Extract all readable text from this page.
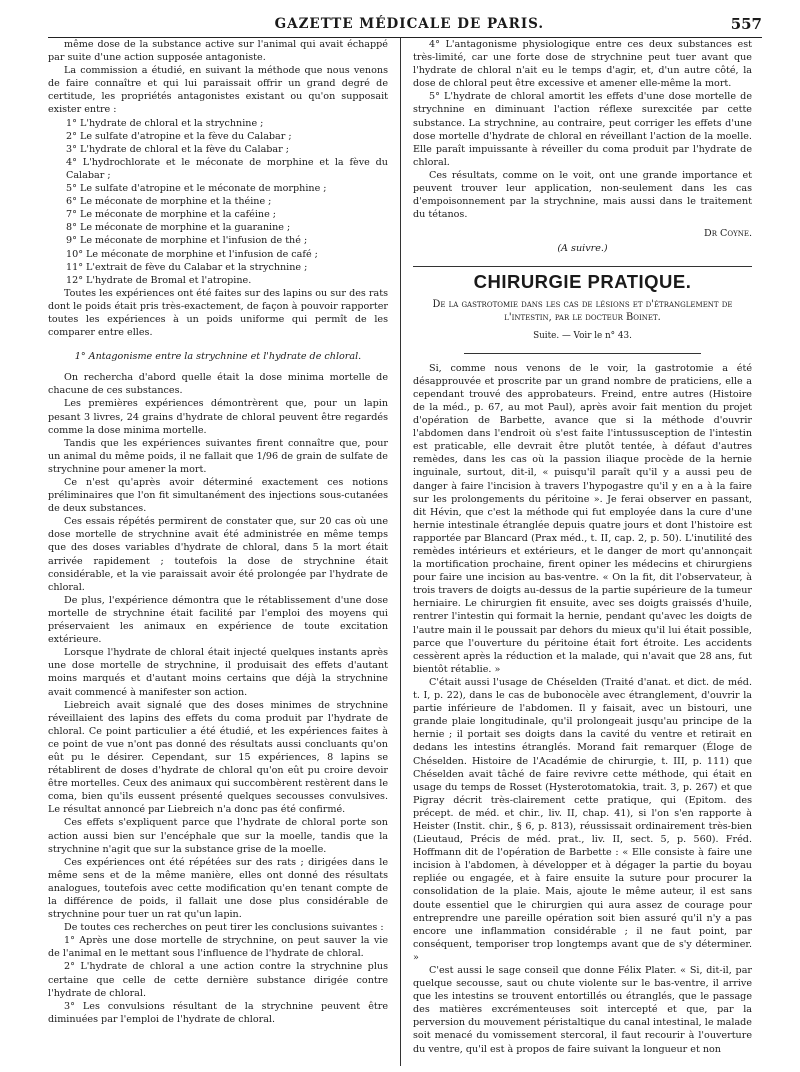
GAZETTE MÉDICALE DE PARIS.	557

même dose de la substance active sur l'animal qui avait échappé par suite d'une action supposée antagoniste.

La commission a étudié, en suivant la méthode que nous venons de faire connaître et qui lui paraissait offrir un grand degré de certitude, les propriétés antagonistes existant ou qu'on supposait exister entre :

1° L'hydrate de chloral et la strychnine ;

2° Le sulfate d'atropine et la fève du Calabar ;

3° L'hydrate de chloral et la fève du Calabar ;

4° L'hydrochlorate et le méconate de morphine et la fève du Calabar ;

5° Le sulfate d'atropine et le méconate de morphine ;

6° Le méconate de morphine et la théine ;

7° Le méconate de morphine et la caféine ;

8° Le méconate de morphine et la guaranine ;

9° Le méconate de morphine et l'infusion de thé ;

10° Le méconate de morphine et l'infusion de café ;

11° L'extrait de fève du Calabar et la strychnine ;

12° L'hydrate de Bromal et l'atropine.

Toutes les expériences ont été faites sur des lapins ou sur des rats dont le poids était pris très-exactement, de façon à pouvoir rapporter toutes les expériences à un poids uniforme qui permît de les comparer entre elles.

1° Antagonisme entre la strychnine et l'hydrate de chloral.

On rechercha d'abord quelle était la dose minima mortelle de chacune de ces substances.

Les premières expériences démontrèrent que, pour un lapin pesant 3 livres, 24 grains d'hydrate de chloral peuvent être regardés comme la dose minima mortelle.

Tandis que les expériences suivantes firent connaître que, pour un animal du même poids, il ne fallait que 1/96 de grain de sulfate de strychnine pour amener la mort.

Ce n'est qu'après avoir déterminé exactement ces notions préliminaires que l'on fit simultanément des injections sous-cutanées de deux substances.

Ces essais répétés permirent de constater que, sur 20 cas où une dose mortelle de strychnine avait été administrée en même temps que des doses variables d'hydrate de chloral, dans 5 la mort était arrivée rapidement ; toutefois la dose de strychnine était considérable, et la vie paraissait avoir été prolongée par l'hydrate de chloral.

De plus, l'expérience démontra que le rétablissement d'une dose mortelle de strychnine était facilité par l'emploi des moyens qui préservaient les animaux en expérience de toute excitation extérieure.

Lorsque l'hydrate de chloral était injecté quelques instants après une dose mortelle de strychnine, il produisait des effets d'autant moins marqués et d'autant moins certains que déjà la strychnine avait commencé à manifester son action.

Liebreich avait signalé que des doses minimes de strychnine réveillaient des lapins des effets du coma produit par l'hydrate de chloral. Ce point particulier a été étudié, et les expériences faites à ce point de vue n'ont pas donné des résultats aussi concluants qu'on eût pu le désirer. Cependant, sur 15 expériences, 8 lapins se rétablirent de doses d'hydrate de chloral qu'on eût pu croire devoir être mortelles. Ceux des animaux qui succombèrent restèrent dans le coma, bien qu'ils eussent présenté quelques secousses convulsives. Le résultat annoncé par Liebreich n'a donc pas été confirmé.

Ces effets s'expliquent parce que l'hydrate de chloral porte son action aussi bien sur l'encéphale que sur la moelle, tandis que la strychnine n'agit que sur la substance grise de la moelle.

Ces expériences ont été répétées sur des rats ; dirigées dans le même sens et de la même manière, elles ont donné des résultats analogues, toutefois avec cette modification qu'en tenant compte de la différence de poids, il fallait une dose plus considérable de strychnine pour tuer un rat qu'un lapin.

De toutes ces recherches on peut tirer les conclusions suivantes :

1° Après une dose mortelle de strychnine, on peut sauver la vie de l'animal en le mettant sous l'influence de l'hydrate de chloral.

2° L'hydrate de chloral a une action contre la strychnine plus certaine que celle de cette dernière substance dirigée contre l'hydrate de chloral.

3° Les convulsions résultant de la strychnine peuvent être diminuées par l'emploi de l'hydrate de chloral.

4° L'antagonisme physiologique entre ces deux substances est très-limité, car une forte dose de strychnine peut tuer avant que l'hydrate de chloral n'ait eu le temps d'agir, et, d'un autre côté, la dose de chloral peut être excessive et amener elle-même la mort.

5° L'hydrate de chloral amortit les effets d'une dose mortelle de strychnine en diminuant l'action réflexe surexcitée par cette substance. La strychnine, au contraire, peut corriger les effets d'une dose mortelle d'hydrate de chloral en réveillant l'action de la moelle. Elle paraît impuissante à réveiller du coma produit par l'hydrate de chloral.

Ces résultats, comme on le voit, ont une grande importance et peuvent trouver leur application, non-seulement dans les cas d'empoisonnement par la strychnine, mais aussi dans le traitement du tétanos.

Dr Coyne.

(A suivre.)

CHIRURGIE PRATIQUE.

De la gastrotomie dans les cas de lésions et d'étranglement de l'intestin, par le docteur Boinet.

Suite. — Voir le n° 43.

Si, comme nous venons de le voir, la gastrotomie a été désapprouvée et proscrite par un grand nombre de praticiens, elle a cependant trouvé des approbateurs. Freind, entre autres (Histoire de la méd., p. 67, au mot Paul), après avoir fait mention du projet d'opération de Barbette, avance que si la méthode d'ouvrir l'abdomen dans l'endroit où s'est faite l'intussusception de l'intestin est praticable, elle devrait être plutôt tentée, à défaut d'autres remèdes, dans les cas où la passion iliaque procède de la hernie inguinale, surtout, dit-il, « puisqu'il paraît qu'il y a aussi peu de danger à faire l'incision à travers l'hypogastre qu'il y en a à la faire sur les prolongements du péritoine ». Je ferai observer en passant, dit Hévin, que c'est la méthode qui fut employée dans la cure d'une hernie intestinale étranglée depuis quatre jours et dont l'histoire est rapportée par Blancard (Prax méd., t. II, cap. 2, p. 50). L'inutilité des remèdes intérieurs et extérieurs, et le danger de mort qu'annonçait la mortification prochaine, firent opiner les médecins et chirurgiens pour faire une incision au bas-ventre. « On la fit, dit l'observateur, à trois travers de doigts au-dessus de la partie supérieure de la tumeur herniaire. Le chirurgien fit ensuite, avec ses doigts graissés d'huile, rentrer l'intestin qui formait la hernie, pendant qu'avec les doigts de l'autre main il le poussait par dehors du mieux qu'il lui était possible, parce que l'ouverture du péritoine était fort étroite. Les accidents cessèrent après la réduction et la malade, qui n'avait que 28 ans, fut bientôt rétablie. »

C'était aussi l'usage de Chéselden (Traité d'anat. et dict. de méd. t. I, p. 22), dans le cas de bubonocèle avec étranglement, d'ouvrir la partie inférieure de l'abdomen. Il y faisait, avec un bistouri, une grande plaie longitudinale, qu'il prolongeait jusqu'au principe de la hernie ; il portait ses doigts dans la cavité du ventre et retirait en dedans les intestins étranglés. Morand fait remarquer (Éloge de Chéselden. Histoire de l'Académie de chirurgie, t. III, p. 111) que Chéselden avait tâché de faire revivre cette méthode, qui était en usage du temps de Rosset (Hysterotomatokia, trait. 3, p. 267) et que Pigray décrit très-clairement cette pratique, qui (Epitom. des précept. de méd. et chir., liv. II, chap. 41), si l'on s'en rapporte à Heister (Instit. chir., § 6, p. 813), réussissait ordinairement très-bien (Lieutaud, Précis de méd. prat., liv. II, sect. 5, p. 560). Fréd. Hoffmann dit de l'opération de Barbette : « Elle consiste à faire une incision à l'abdomen, à développer et à dégager la partie du boyau repliée ou engagée, et à faire ensuite la suture pour procurer la consolidation de la plaie. Mais, ajoute le même auteur, il est sans doute essentiel que le chirurgien qui aura assez de courage pour entreprendre une pareille opération soit bien assuré qu'il n'y a pas encore une inflammation considérable ; il ne faut point, par conséquent, temporiser trop longtemps avant que de s'y déterminer. »

C'est aussi le sage conseil que donne Félix Plater. « Si, dit-il, par quelque secousse, saut ou chute violente sur le bas-ventre, il arrive que les intestins se trouvent entortillés ou étranglés, que le passage des matières excrémenteuses soit intercepté et que, par la perversion du mouvement péristaltique du canal intestinal, le malade soit menacé du vomissement stercoral, il faut recourir à l'ouverture du ventre, qu'il est à propos de faire suivant la longueur et non
